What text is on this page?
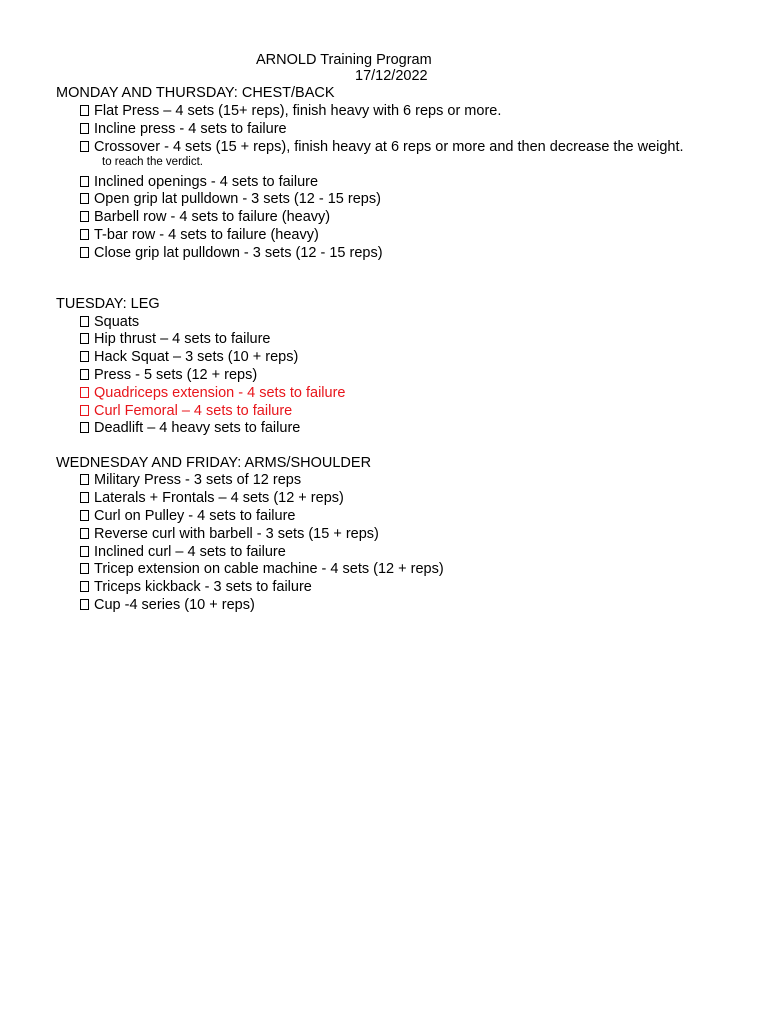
ARNOLD Training Program
17/12/2022
MONDAY AND THURSDAY: CHEST/BACK
Flat Press – 4 sets (15+ reps), finish heavy with 6 reps or more.
Incline press - 4 sets to failure
Crossover - 4 sets (15 + reps), finish heavy at 6 reps or more and then decrease the weight.
to reach the verdict.
Inclined openings - 4 sets to failure
Open grip lat pulldown - 3 sets (12 - 15 reps)
Barbell row - 4 sets to failure (heavy)
T-bar row - 4 sets to failure (heavy)
Close grip lat pulldown - 3 sets (12 - 15 reps)
TUESDAY: LEG
Squats
Hip thrust – 4 sets to failure
Hack Squat – 3 sets (10 + reps)
Press - 5 sets (12 + reps)
Quadriceps extension - 4 sets to failure
Curl Femoral – 4 sets to failure
Deadlift – 4 heavy sets to failure
WEDNESDAY AND FRIDAY: ARMS/SHOULDER
Military Press - 3 sets of 12 reps
Laterals + Frontals – 4 sets (12 + reps)
Curl on Pulley - 4 sets to failure
Reverse curl with barbell - 3 sets (15 + reps)
Inclined curl – 4 sets to failure
Tricep extension on cable machine - 4 sets (12 + reps)
Triceps kickback - 3 sets to failure
Cup -4 series (10 + reps)
